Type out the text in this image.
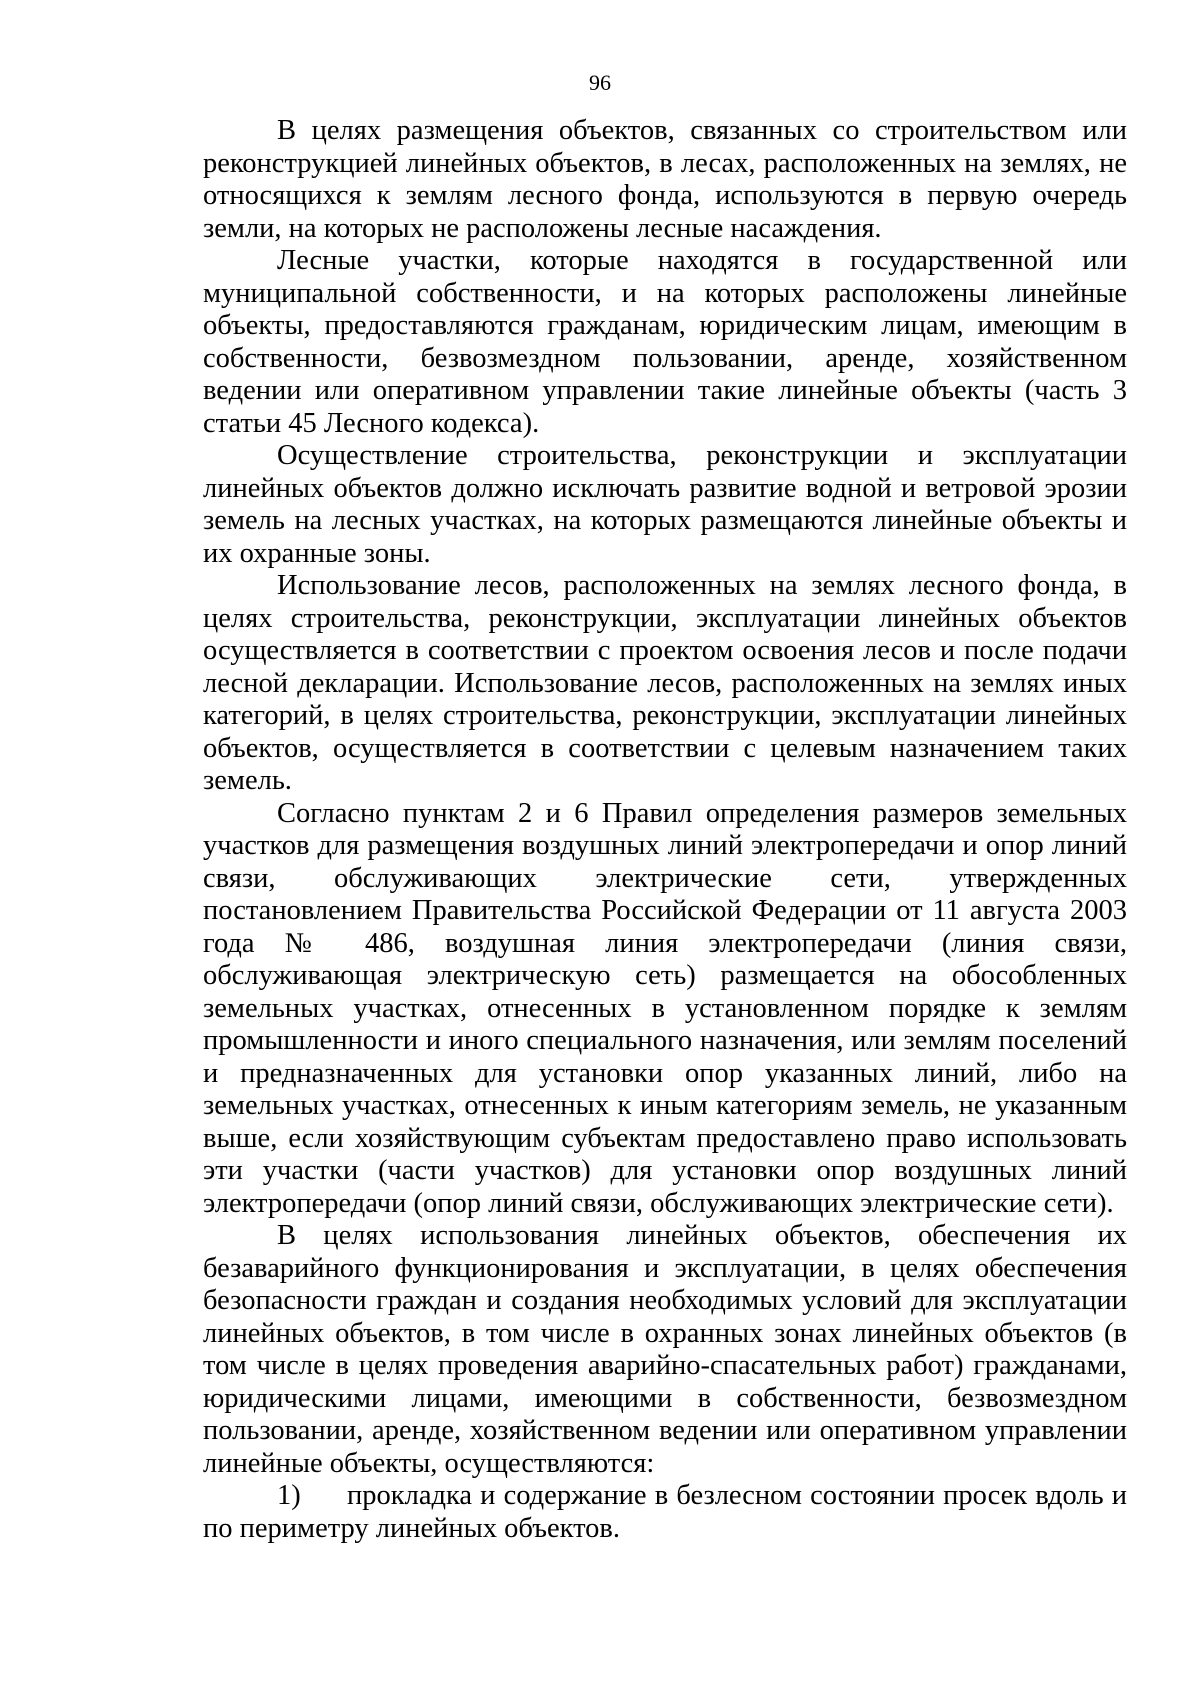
96

В целях размещения объектов, связанных со строительством или реконструкцией линейных объектов, в лесах, расположенных на землях, не относящихся к землям лесного фонда, используются в первую очередь земли, на которых не расположены лесные насаждения.

Лесные участки, которые находятся в государственной или муниципальной собственности, и на которых расположены линейные объекты, предоставляются гражданам, юридическим лицам, имеющим в собственности, безвозмездном пользовании, аренде, хозяйственном ведении или оперативном управлении такие линейные объекты (часть 3 статьи 45 Лесного кодекса).

Осуществление строительства, реконструкции и эксплуатации линейных объектов должно исключать развитие водной и ветровой эрозии земель на лесных участках, на которых размещаются линейные объекты и их охранные зоны.

Использование лесов, расположенных на землях лесного фонда, в целях строительства, реконструкции, эксплуатации линейных объектов осуществляется в соответствии с проектом освоения лесов и после подачи лесной декларации. Использование лесов, расположенных на землях иных категорий, в целях строительства, реконструкции, эксплуатации линейных объектов, осуществляется в соответствии с целевым назначением таких земель.

Согласно пунктам 2 и 6 Правил определения размеров земельных участков для размещения воздушных линий электропередачи и опор линий связи, обслуживающих электрические сети, утвержденных постановлением Правительства Российской Федерации от 11 августа 2003 года № 486, воздушная линия электропередачи (линия связи, обслуживающая электрическую сеть) размещается на обособленных земельных участках, отнесенных в установленном порядке к землям промышленности и иного специального назначения, или землям поселений и предназначенных для установки опор указанных линий, либо на земельных участках, отнесенных к иным категориям земель, не указанным выше, если хозяйствующим субъектам предоставлено право использовать эти участки (части участков) для установки опор воздушных линий электропередачи (опор линий связи, обслуживающих электрические сети).

В целях использования линейных объектов, обеспечения их безаварийного функционирования и эксплуатации, в целях обеспечения безопасности граждан и создания необходимых условий для эксплуатации линейных объектов, в том числе в охранных зонах линейных объектов (в том числе в целях проведения аварийно-спасательных работ) гражданами, юридическими лицами, имеющими в собственности, безвозмездном пользовании, аренде, хозяйственном ведении или оперативном управлении линейные объекты, осуществляются:

1) прокладка и содержание в безлесном состоянии просек вдоль и по периметру линейных объектов.
